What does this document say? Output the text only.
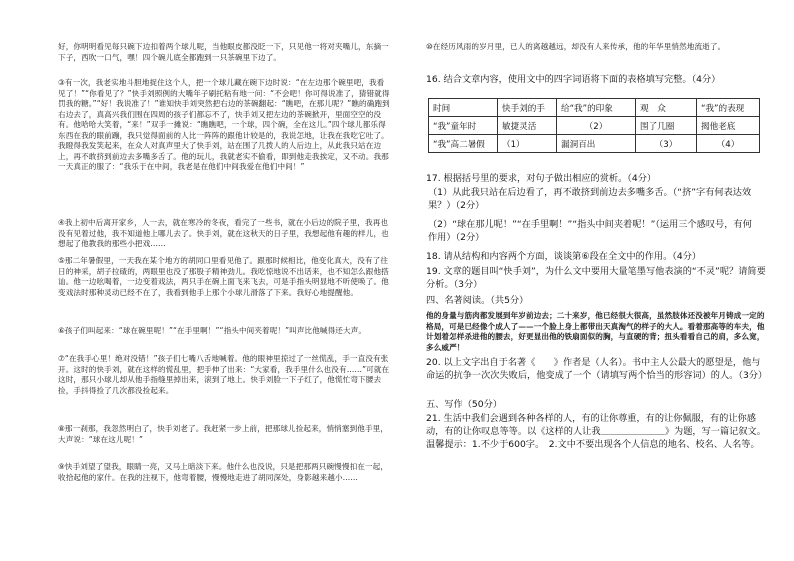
好，你明明看见每只碗下边扣着两个球儿呢，当他眼皮都没眨一下，只见他一将对夹嘴儿，东摘一下子，西吹一口气，嘿！四个碗儿底全都跑到一只茶碗里下边了。
③有一次，我老实地斗胆地捉住这个人，把一个球儿藏在碗下边时说：“在左边那个碗里吧，我看见了！”“你看见了？”快手刘照例的大嘴年子刷托粘有地一问：“不会吧！你可得说准了，猜错就得罚我的糖。”“好！我说准了！”谁知快手刘突然把右边的茶碗翻起：“瞧吧，在那儿呢？”瞧的确跑到右边去了，真高兴我们围在四周的孩子们都忘不了，快手刘又把左边的茶碗掀开，里面空空的没有。他哈哈大笑着，“来！”双手一摊说：“瞧瞧吧，一个球，四个碗，全在这儿。”四个球儿都乐得东西在我的眼前蹦，我只觉得面前的人比一阵阵的跟他计较是的，我说怎地，让我在我吃它吐了。我瞪得我发笑起来，在众人对真声里大了快手刘，站在围了几拨人的人后边上，从此我只站在边上，再不敢挤到前边去多嘴多舌了。他的玩儿，我就老实不偷看，即到他走我挨定，又不动。我那一天真正的服了：“我乐于在中间，我老是在他们中间我爱在他们中间！”
④我上初中后离开家乡，人一去，就在寒冷的冬夜，看完了一些书，就在小后边的院子里，我再也没有见着过他，我不知道他上哪儿去了。快手刘，就在这秋天的日子里，我想起他有趣的样儿，也想起了他教我的那些小把戏……
⑤那二年暑假里，一天我在某个地方的胡同口里看见他了。跟那时候相比，他变化真大，没有了往日的神采，胡子拉碴的，两眼里也没了那股子精神劲儿。我吃惊地说不出话来，也不知怎么跟他搭讪。他一边吆喝着，一边变着戏法，两只手在碗上面飞来飞去，可是手指头明显地不听使唤了。他变戏法时那种灵动已经不在了，我看到他手上那个小球儿滑落了下来。我好心地提醒他。
⑥孩子们叫起来：“球在碗里呢！”“在手里啊！”“指头中间夹着呢！”叫声比他喊得还大声。
⑦“在我手心里！绝对没错！”孩子们七嘴八舌地喊着。他的眼神里掠过了一丝慌乱，手一直没有张开。这时的快手刘，就在这样的慌乱里，把手伸了出来：“大家看，我手里什么也没有……”可就在这时，那只小球儿却从他手指缝里掉出来，滚到了地上。快手刘脸一下子红了，他慌忙弯下腰去捡，手抖得捡了几次都没捡起来。
⑧那一刹那，我忽然明白了，快手刘老了。我赶紧一步上前，把那球儿捡起来，悄悄塞到他手里，大声说：“球在这儿呢！”
⑨快手刘望了望我，眼睛一亮，又马上暗淡下来。他什么也没说，只是把那两只碗慢慢扣在一起，收拾起他的家什。在我的注视下，他弯着腰，慢慢地走进了胡同深处，身影越来越小……
⑩在经历风雨的岁月里，已人的离越越远，却没有人来传承，他的年华里悄然地流逝了。
16. 结合文章内容，使用文中的四字词语将下面的表格填写完整。（4分）
时间	快手刘的手	给“我”的印象	观　众	“我”的表现
“我”童年时	敏捷灵活	（2）	围了几圈	揭他老底
“我”高二暑假	（1）	漏洞百出	（3）	（4）
17. 根据括号里的要求，对句子做出相应的赏析。（4分）
（1）从此我只站在后边看了，再不敢挤到前边去多嘴多舌。（“挤”字有何表达效果？）（2分）
（2）“球在那儿呢！”“在手里啊！”“指头中间夹着呢！”（运用三个感叹号，有何作用）（2分）
18. 请从结构和内容两个方面，谈谈第⑥段在全文中的作用。（4分）
19. 文章的题目叫“快手刘”，为什么文中要用大量笔墨写他表演的“不灵”呢？请简要分析。（3分）
四、名著阅读。（共5分）
他的身量与筋肉都发展到年岁前边去；二十来岁，他已经很大很高，虽然肢体还没被年月铸成一定的格局，可是已经像个成人了——一个脸上身上都带出天真淘气的样子的大人。看着那高等的车夫，他计划着怎样杀进他的腰去，好更显出他的铁扇面似的胸，与直硬的背；扭头看看自己的肩，多么宽，多么威严！
20. 以上文字出自于名著《　　》作者是（人名）。书中主人公最大的愿望是，他与命运的抗争一次次失败后，他变成了一个（请填写两个恰当的形容词）的人。（3分）
五、写作（50分）
21. 生活中我们会遇到各种各样的人，有的让你尊重，有的让你佩服，有的让你感动，有的让你叹息等等。以《这样的人让我＿＿＿＿＿＿＿》为题，写一篇记叙文。　温馨提示：1.不少于600字。　2.文中不要出现各个人信息的地名、校名、人名等。
